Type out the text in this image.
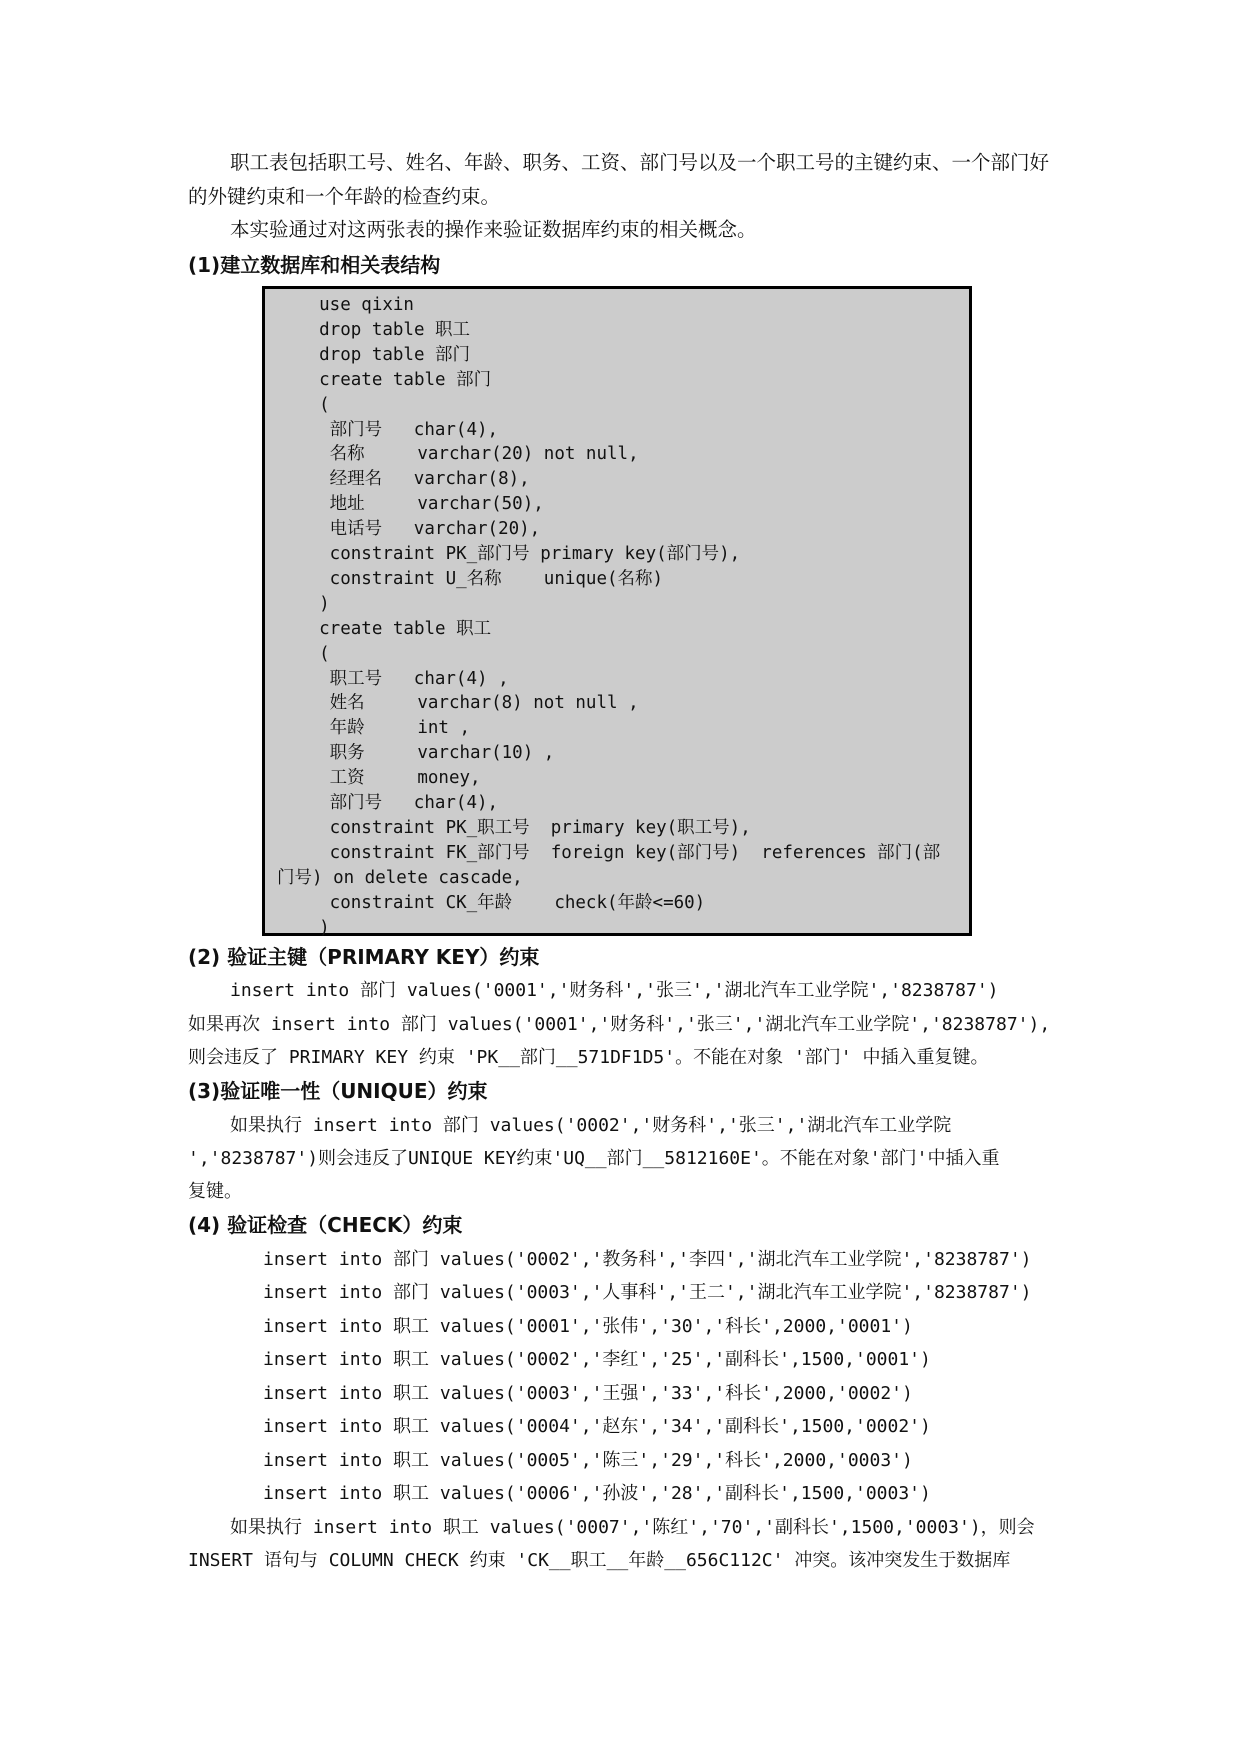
职工表包括职工号、姓名、年龄、职务、工资、部门号以及一个职工号的主键约束、一个部门好的外键约束和一个年龄的检查约束。

本实验通过对这两张表的操作来验证数据库约束的相关概念。

(1)建立数据库和相关表结构
use qixin
drop table 职工
drop table 部门
create table 部门
(
部门号   char(4),
名称     varchar(20) not null,
经理名   varchar(8),
地址     varchar(50),
电话号   varchar(20),
constraint PK_部门号 primary key(部门号),
constraint U_名称    unique(名称)
)
create table 职工
(
职工号   char(4) ,
姓名     varchar(8) not null ,
年龄     int ,
职务     varchar(10) ,
工资     money,
部门号   char(4),
constraint PK_职工号  primary key(职工号),
constraint FK_部门号  foreign key(部门号)  references 部门(部
门号) on delete cascade,
constraint CK_年龄    check(年龄<=60)
)
(2) 验证主键（PRIMARY KEY）约束
insert into 部门 values('0001','财务科','张三','湖北汽车工业学院','8238787')
如果再次 insert into 部门 values('0001','财务科','张三','湖北汽车工业学院','8238787'),
则会违反了 PRIMARY KEY 约束 'PK__部门__571DF1D5'。不能在对象 '部门' 中插入重复键。
(3)验证唯一性（UNIQUE）约束
如果执行 insert into 部门 values('0002','财务科','张三','湖北汽车工业学院
','8238787')则会违反了UNIQUE KEY约束'UQ__部门__5812160E'。不能在对象'部门'中插入重
复键。
(4) 验证检查（CHECK）约束
insert into 部门 values('0002','教务科','李四','湖北汽车工业学院','8238787')
insert into 部门 values('0003','人事科','王二','湖北汽车工业学院','8238787')
insert into 职工 values('0001','张伟','30','科长',2000,'0001')
insert into 职工 values('0002','李红','25','副科长',1500,'0001')
insert into 职工 values('0003','王强','33','科长',2000,'0002')
insert into 职工 values('0004','赵东','34','副科长',1500,'0002')
insert into 职工 values('0005','陈三','29','科长',2000,'0003')
insert into 职工 values('0006','孙波','28','副科长',1500,'0003')
如果执行 insert into 职工 values('0007','陈红','70','副科长',1500,'0003')，则会
INSERT 语句与 COLUMN CHECK 约束 'CK__职工__年龄__656C112C' 冲突。该冲突发生于数据库
